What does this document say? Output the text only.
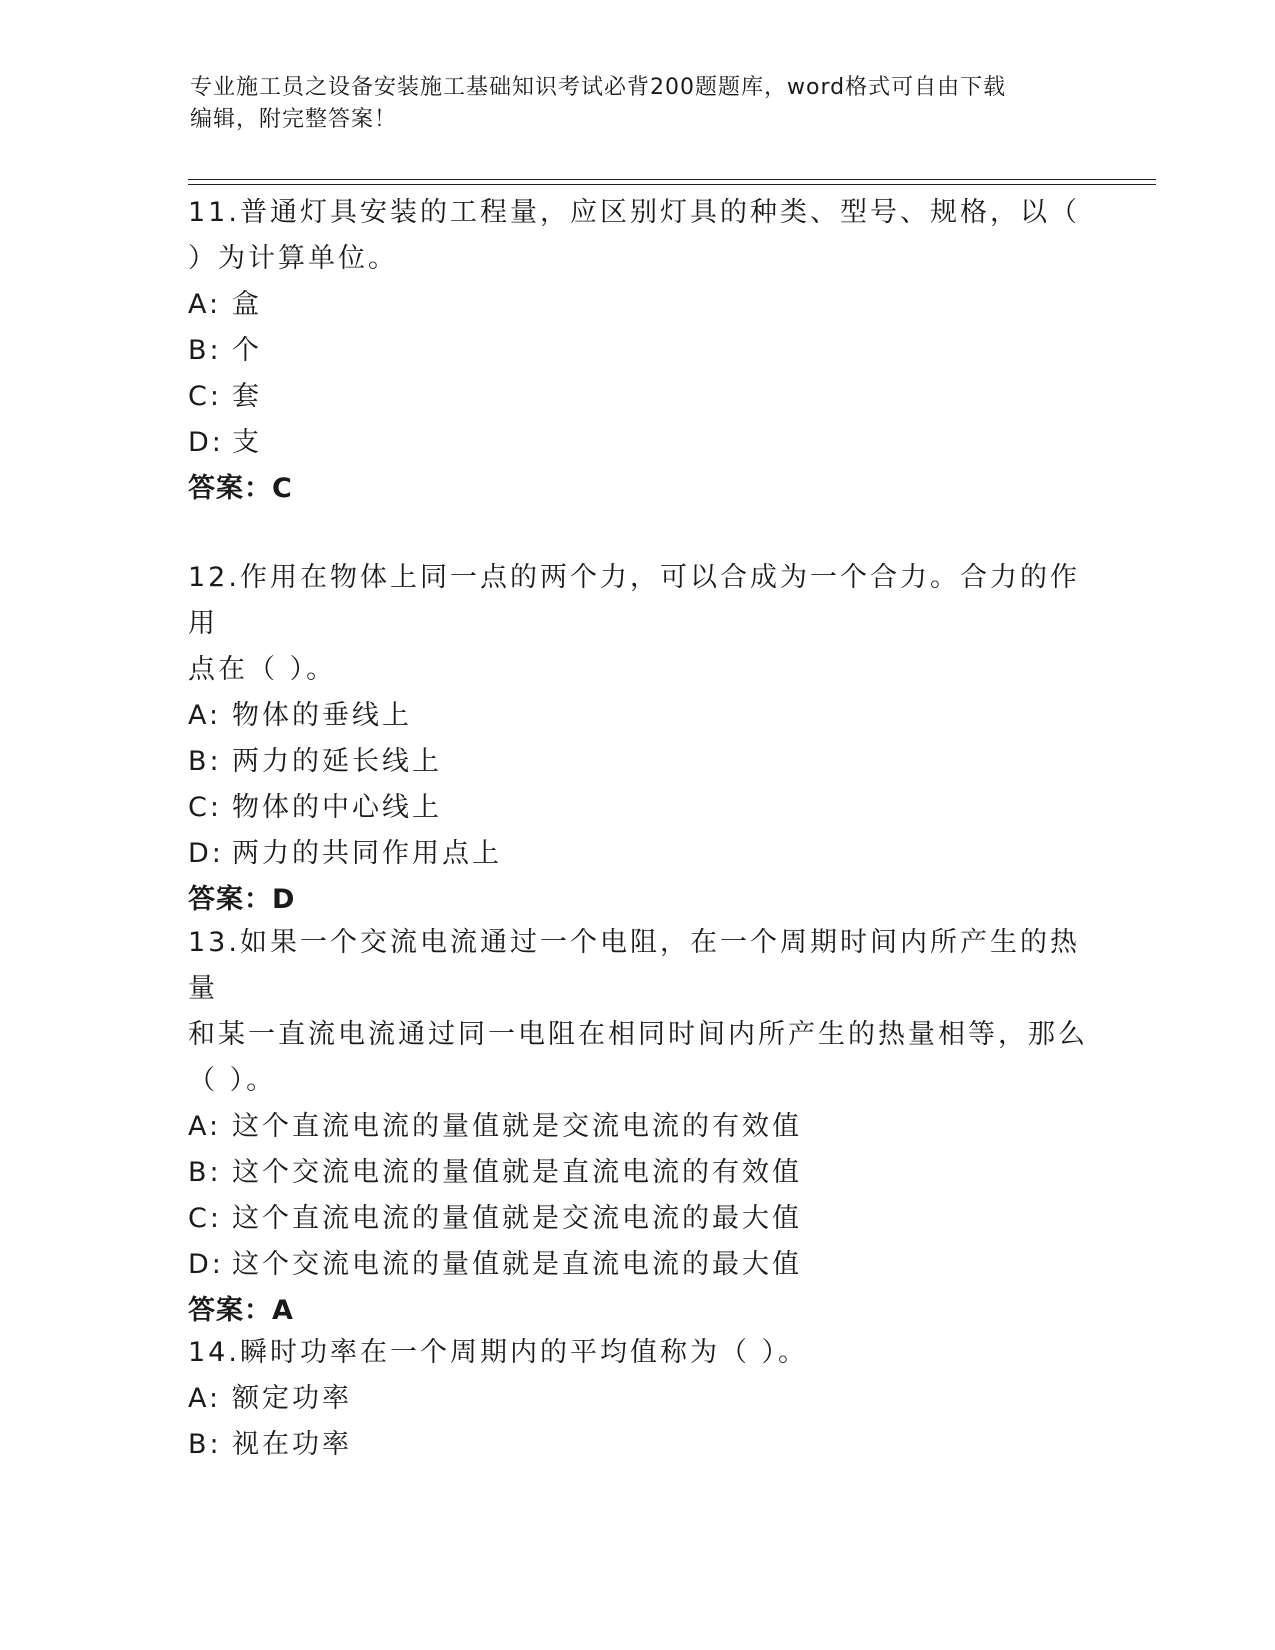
专业施工员之设备安装施工基础知识考试必背200题题库，word格式可自由下载
编辑，附完整答案！
11.普通灯具安装的工程量，应区别灯具的种类、型号、规格，以（
）为计算单位。
A: 盒
B: 个
C: 套
D: 支
答案：C
12.作用在物体上同一点的两个力，可以合成为一个合力。合力的作用
点在（ ）。
A: 物体的垂线上
B: 两力的延长线上
C: 物体的中心线上
D: 两力的共同作用点上
答案：D
13.如果一个交流电流通过一个电阻，在一个周期时间内所产生的热量
和某一直流电流通过同一电阻在相同时间内所产生的热量相等，那么
（ ）。
A: 这个直流电流的量值就是交流电流的有效值
B: 这个交流电流的量值就是直流电流的有效值
C: 这个直流电流的量值就是交流电流的最大值
D: 这个交流电流的量值就是直流电流的最大值
答案：A
14.瞬时功率在一个周期内的平均值称为（ ）。
A: 额定功率
B: 视在功率
